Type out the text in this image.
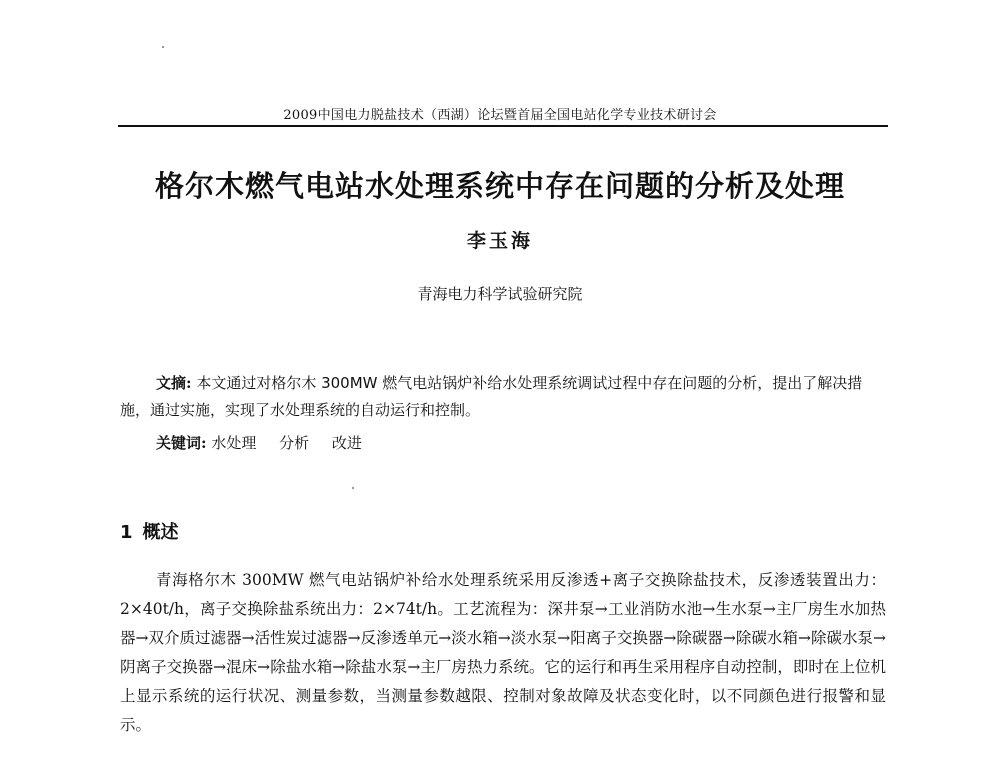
2009中国电力脱盐技术（西湖）论坛暨首届全国电站化学专业技术研讨会
格尔木燃气电站水处理系统中存在问题的分析及处理
李玉海
青海电力科学试验研究院

文摘: 本文通过对格尔木 300MW 燃气电站锅炉补给水处理系统调试过程中存在问题的分析，提出了解决措施，通过实施，实现了水处理系统的自动运行和控制。

关键词: 水处理 分析 改进
1 概述

青海格尔木 300MW 燃气电站锅炉补给水处理系统采用反渗透+离子交换除盐技术，反渗透装置出力：2×40t/h，离子交换除盐系统出力：2×74t/h。工艺流程为：深井泵→工业消防水池→生水泵→主厂房生水加热器→双介质过滤器→活性炭过滤器→反渗透单元→淡水箱→淡水泵→阳离子交换器→除碳器→除碳水箱→除碳水泵→阴离子交换器→混床→除盐水箱→除盐水泵→主厂房热力系统。它的运行和再生采用程序自动控制，即时在上位机上显示系统的运行状况、测量参数，当测量参数越限、控制对象故障及状态变化时，以不同颜色进行报警和显示。
